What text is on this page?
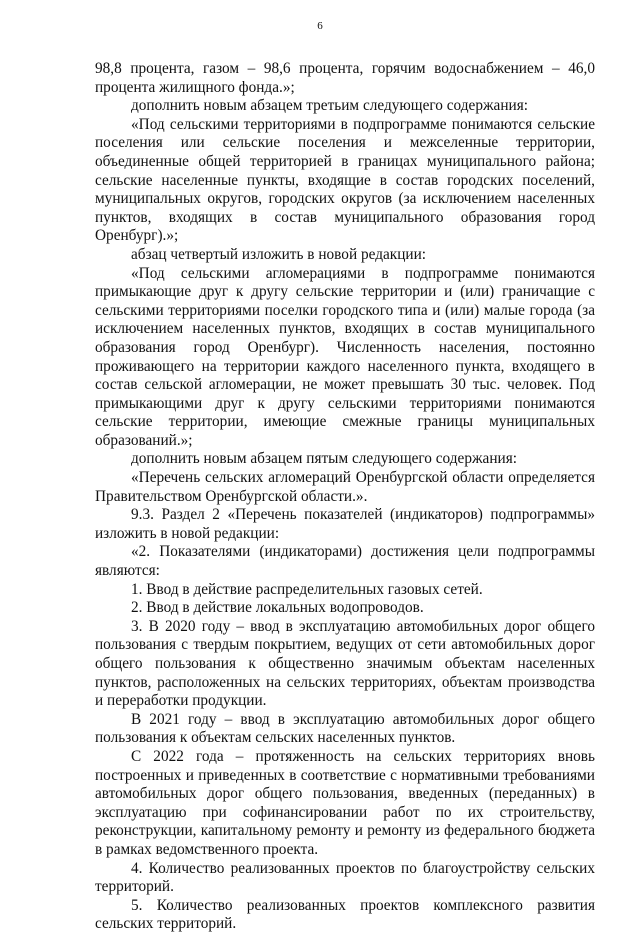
6

98,8 процента, газом – 98,6 процента, горячим водоснабжением – 46,0 процента жилищного фонда.»;

дополнить новым абзацем третьим следующего содержания:

«Под сельскими территориями в подпрограмме понимаются сельские поселения или сельские поселения и межселенные территории, объединенные общей территорией в границах муниципального района; сельские населенные пункты, входящие в состав городских поселений, муниципальных округов, городских округов (за исключением населенных пунктов, входящих в состав муниципального образования город Оренбург).»;

абзац четвертый изложить в новой редакции:

«Под сельскими агломерациями в подпрограмме понимаются примыкающие друг к другу сельские территории и (или) граничащие с сельскими территориями поселки городского типа и (или) малые города (за исключением населенных пунктов, входящих в состав муниципального образования город Оренбург). Численность населения, постоянно проживающего на территории каждого населенного пункта, входящего в состав сельской агломерации, не может превышать 30 тыс. человек. Под примыкающими друг к другу сельскими территориями понимаются сельские территории, имеющие смежные границы муниципальных образований.»;

дополнить новым абзацем пятым следующего содержания:

«Перечень сельских агломераций Оренбургской области определяется Правительством Оренбургской области.».

9.3. Раздел 2 «Перечень показателей (индикаторов) подпрограммы» изложить в новой редакции:

«2. Показателями (индикаторами) достижения цели подпрограммы являются:

1. Ввод в действие распределительных газовых сетей.

2. Ввод в действие локальных водопроводов.

3. В 2020 году – ввод в эксплуатацию автомобильных дорог общего пользования с твердым покрытием, ведущих от сети автомобильных дорог общего пользования к общественно значимым объектам населенных пунктов, расположенных на сельских территориях, объектам производства и переработки продукции.

В 2021 году – ввод в эксплуатацию автомобильных дорог общего пользования к объектам сельских населенных пунктов.

С 2022 года – протяженность на сельских территориях вновь построенных и приведенных в соответствие с нормативными требованиями автомобильных дорог общего пользования, введенных (переданных) в эксплуатацию при софинансировании работ по их строительству, реконструкции, капитальному ремонту и ремонту из федерального бюджета в рамках ведомственного проекта.

4. Количество реализованных проектов по благоустройству сельских территорий.

5. Количество реализованных проектов комплексного развития сельских территорий.
